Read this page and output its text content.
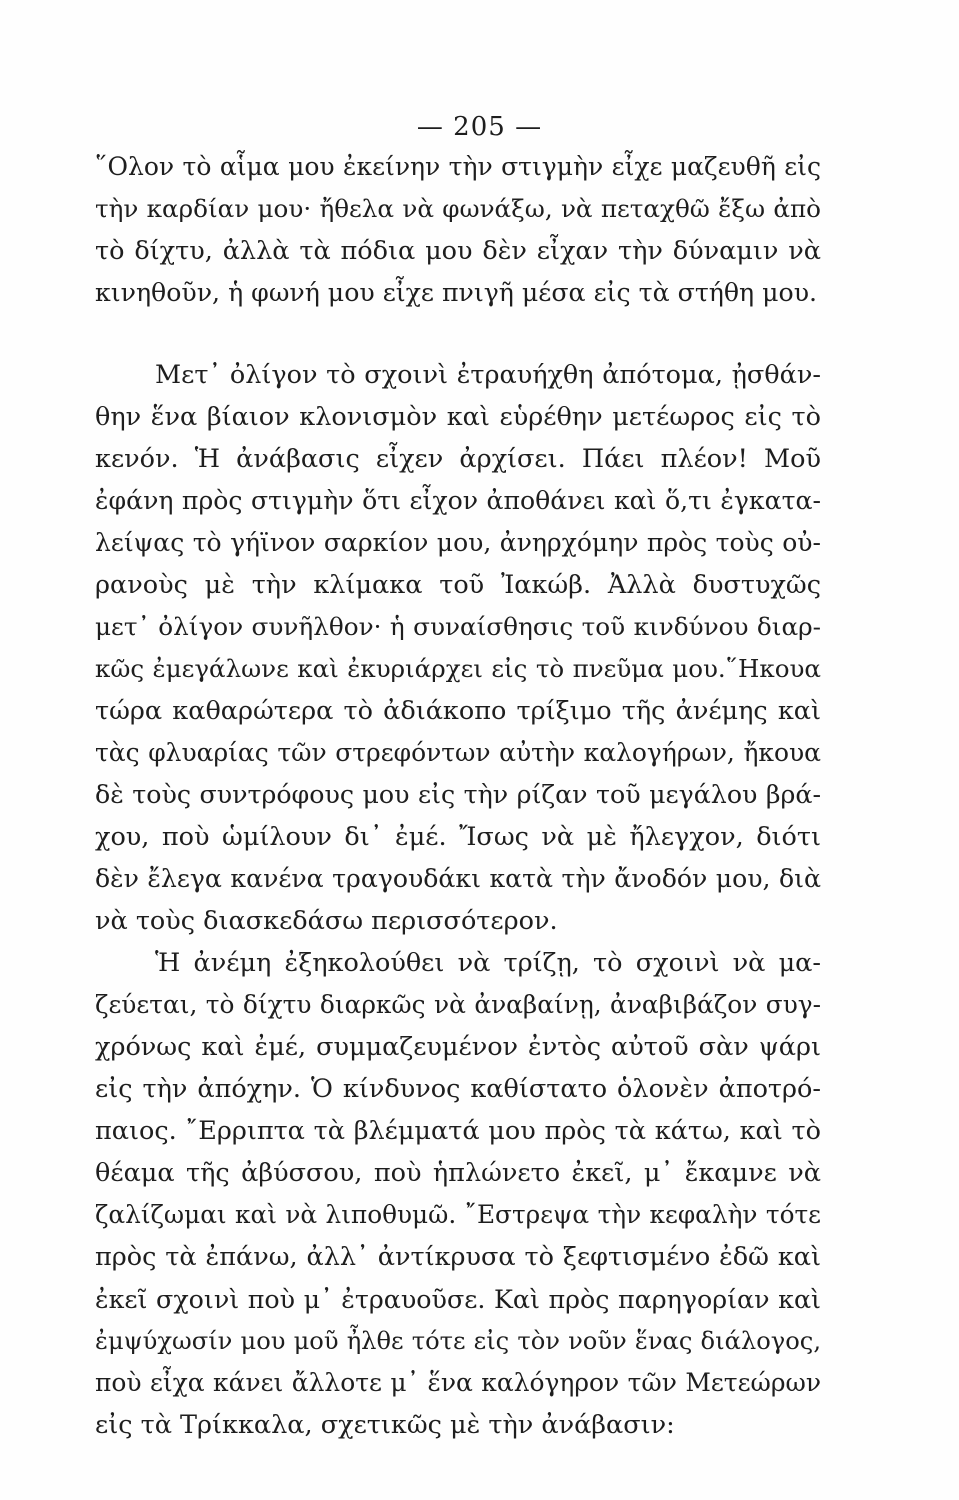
— 205 —
῞Ολον τὸ αἷμα μου ἐκείνην τὴν στιγμὴν εἶχε μαζευθῆ εἰς
τὴν καρδίαν μου· ἤθελα νὰ φωνάξω, νὰ πεταχθῶ ἔξω ἀπὸ
τὸ δίχτυ, ἀλλὰ τὰ πόδια μου δὲν εἶχαν τὴν δύναμιν νὰ
κινηθοῦν, ἡ φωνή μου εἶχε πνιγῆ μέσα εἰς τὰ στήθη μου.
Μετ᾽ ὀλίγον τὸ σχοινὶ ἐτραυήχθη ἀπότομα, ᾐσθάν-
θην ἕνα βίαιον κλονισμὸν καὶ εὑρέθην μετέωρος εἰς τὸ
κενόν. Ἡ ἀνάβασις εἶχεν ἀρχίσει. Πάει πλέον! Μοῦ
ἐφάνη πρὸς στιγμὴν ὅτι εἶχον ἀποθάνει καὶ ὅ,τι ἐγκατα-
λείψας τὸ γήϊνον σαρκίον μου, ἀνηρχόμην πρὸς τοὺς οὐ-
ρανοὺς μὲ τὴν κλίμακα τοῦ Ἰακώβ. Ἀλλὰ δυστυχῶς
μετ᾽ ὀλίγον συνῆλθον· ἡ συναίσθησις τοῦ κινδύνου διαρ-
κῶς ἐμεγάλωνε καὶ ἐκυριάρχει εἰς τὸ πνεῦμα μου.῞Ηκουα
τώρα καθαρώτερα τὸ ἀδιάκοπο τρίξιμο τῆς ἀνέμης καὶ
τὰς φλυαρίας τῶν στρεφόντων αὐτὴν καλογήρων, ἤκουα
δὲ τοὺς συντρόφους μου εἰς τὴν ρίζαν τοῦ μεγάλου βρά-
χου, ποὺ ὡμίλουν δι᾽ ἐμέ. Ἴσως νὰ μὲ ἤλεγχον, διότι
δὲν ἔλεγα κανένα τραγουδάκι κατὰ τὴν ἄνοδόν μου, διὰ
νὰ τοὺς διασκεδάσω περισσότερον.
Ἡ ἀνέμη ἐξηκολούθει νὰ τρίζῃ, τὸ σχοινὶ νὰ μα-
ζεύεται, τὸ δίχτυ διαρκῶς νὰ ἀναβαίνῃ, ἀναβιβάζον συγ-
χρόνως καὶ ἐμέ, συμμαζευμένον ἐντὸς αὐτοῦ σὰν ψάρι
εἰς τὴν ἀπόχην. Ὁ κίνδυνος καθίστατο ὁλονὲν ἀποτρό-
παιος. ῎Ερριπτα τὰ βλέμματά μου πρὸς τὰ κάτω, καὶ τὸ
θέαμα τῆς ἀβύσσου, ποὺ ἡπλώνετο ἐκεῖ, μ᾽ ἔκαμνε νὰ
ζαλίζωμαι καὶ νὰ λιποθυμῶ. ῎Εστρεψα τὴν κεφαλὴν τότε
πρὸς τὰ ἐπάνω, ἀλλ᾽ ἀντίκρυσα τὸ ξεφτισμένο ἐδῶ καὶ
ἐκεῖ σχοινὶ ποὺ μ᾽ ἐτραυοῦσε. Καὶ πρὸς παρηγορίαν καὶ
ἐμψύχωσίν μου μοῦ ἦλθε τότε εἰς τὸν νοῦν ἕνας διάλογος,
ποὺ εἶχα κάνει ἄλλοτε μ᾽ ἕνα καλόγηρον τῶν Μετεώρων
εἰς τὰ Τρίκκαλα, σχετικῶς μὲ τὴν ἀνάβασιν:
